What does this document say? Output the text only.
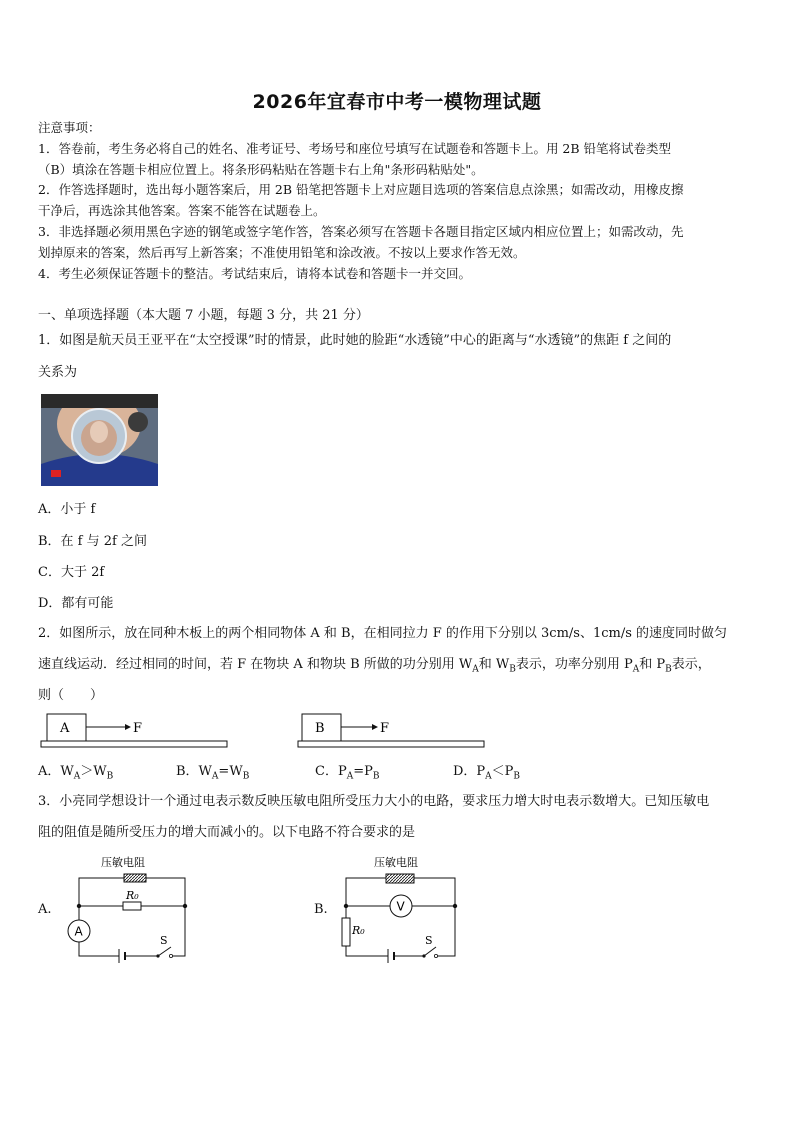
2026年宜春市中考一模物理试题
注意事项：
1．答卷前，考生务必将自己的姓名、准考证号、考场号和座位号填写在试题卷和答题卡上。用 2B 铅笔将试卷类型
（B）填涂在答题卡相应位置上。将条形码粘贴在答题卡右上角"条形码粘贴处"。
2．作答选择题时，选出每小题答案后，用 2B 铅笔把答题卡上对应题目选项的答案信息点涂黑；如需改动，用橡皮擦
干净后，再选涂其他答案。答案不能答在试题卷上。
3．非选择题必须用黑色字迹的钢笔或签字笔作答，答案必须写在答题卡各题目指定区域内相应位置上；如需改动，先
划掉原来的答案，然后再写上新答案；不准使用铅笔和涂改液。不按以上要求作答无效。
4．考生必须保证答题卡的整洁。考试结束后，请将本试卷和答题卡一并交回。
一、单项选择题（本大题 7 小题，每题 3 分，共 21 分）
1．如图是航天员王亚平在“太空授课”时的情景，此时她的脸距“水透镜”中心的距离与“水透镜”的焦距 f 之间的
关系为
A．小于 f
B．在 f 与 2f 之间
C．大于 2f
D．都有可能
2．如图所示，放在同种木板上的两个相同物体 A 和 B，在相同拉力 F 的作用下分别以 3cm/s、1cm/s 的速度同时做匀
速直线运动．经过相同的时间，若 F 在物块 A 和物块 B 所做的功分别用 $W_A$和 $W_B$表示，功率分别用 $P_A$和 $P_B$表示，
则（　　）
A	F	B	F
A．$W_A>W_B$	B．$W_A=W_B$	C．$P_A=P_B$	D．$P_A<P_B$
3．小亮同学想设计一个通过电表示数反映压敏电阻所受压力大小的电路，要求压力增大时电表示数增大。已知压敏电
阻的阻值是随所受压力的增大而减小的。以下电路不符合要求的是
A.
A
S
压敏电阻
R₀
B.	V
S
压敏电阻
R₀
